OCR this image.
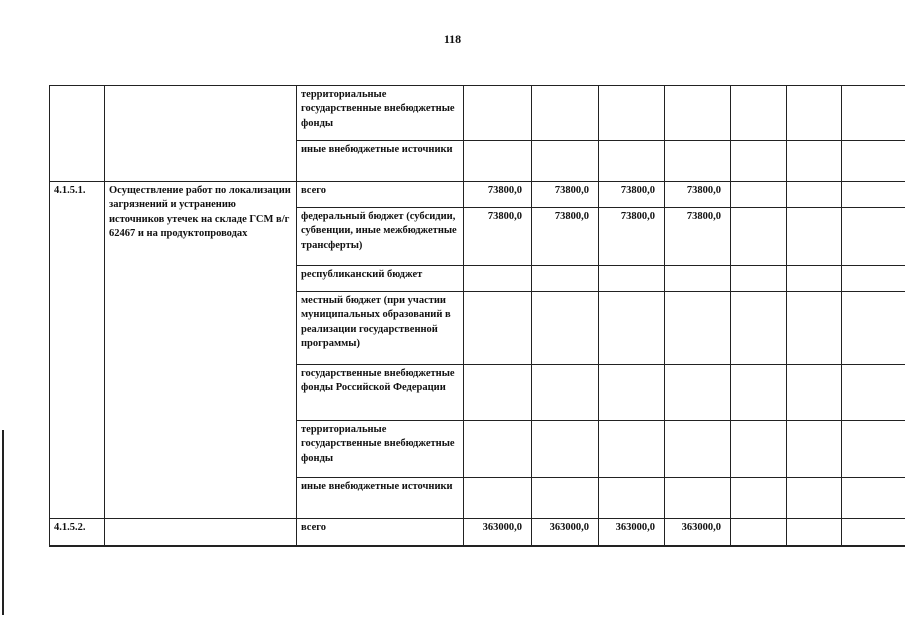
118
		территориальные государственные внебюджетные фонды							
		иные внебюджетные источники							
4.1.5.1.	Осуществление работ по локализации загрязнений и устранению источников утечек на складе ГСМ в/г 62467 и на продуктопроводах	всего	73800,0	73800,0	73800,0	73800,0			
		федеральный бюджет (субсидии, субвенции, иные межбюджетные трансферты)	73800,0	73800,0	73800,0	73800,0			
		республиканский бюджет							
		местный бюджет (при участии муниципальных образований в реализации государственной программы)							
		государственные внебюджетные фонды Российской Федерации							
		территориальные государственные внебюджетные фонды							
		иные внебюджетные источники							
4.1.5.2.		всего	363000,0	363000,0	363000,0	363000,0			
